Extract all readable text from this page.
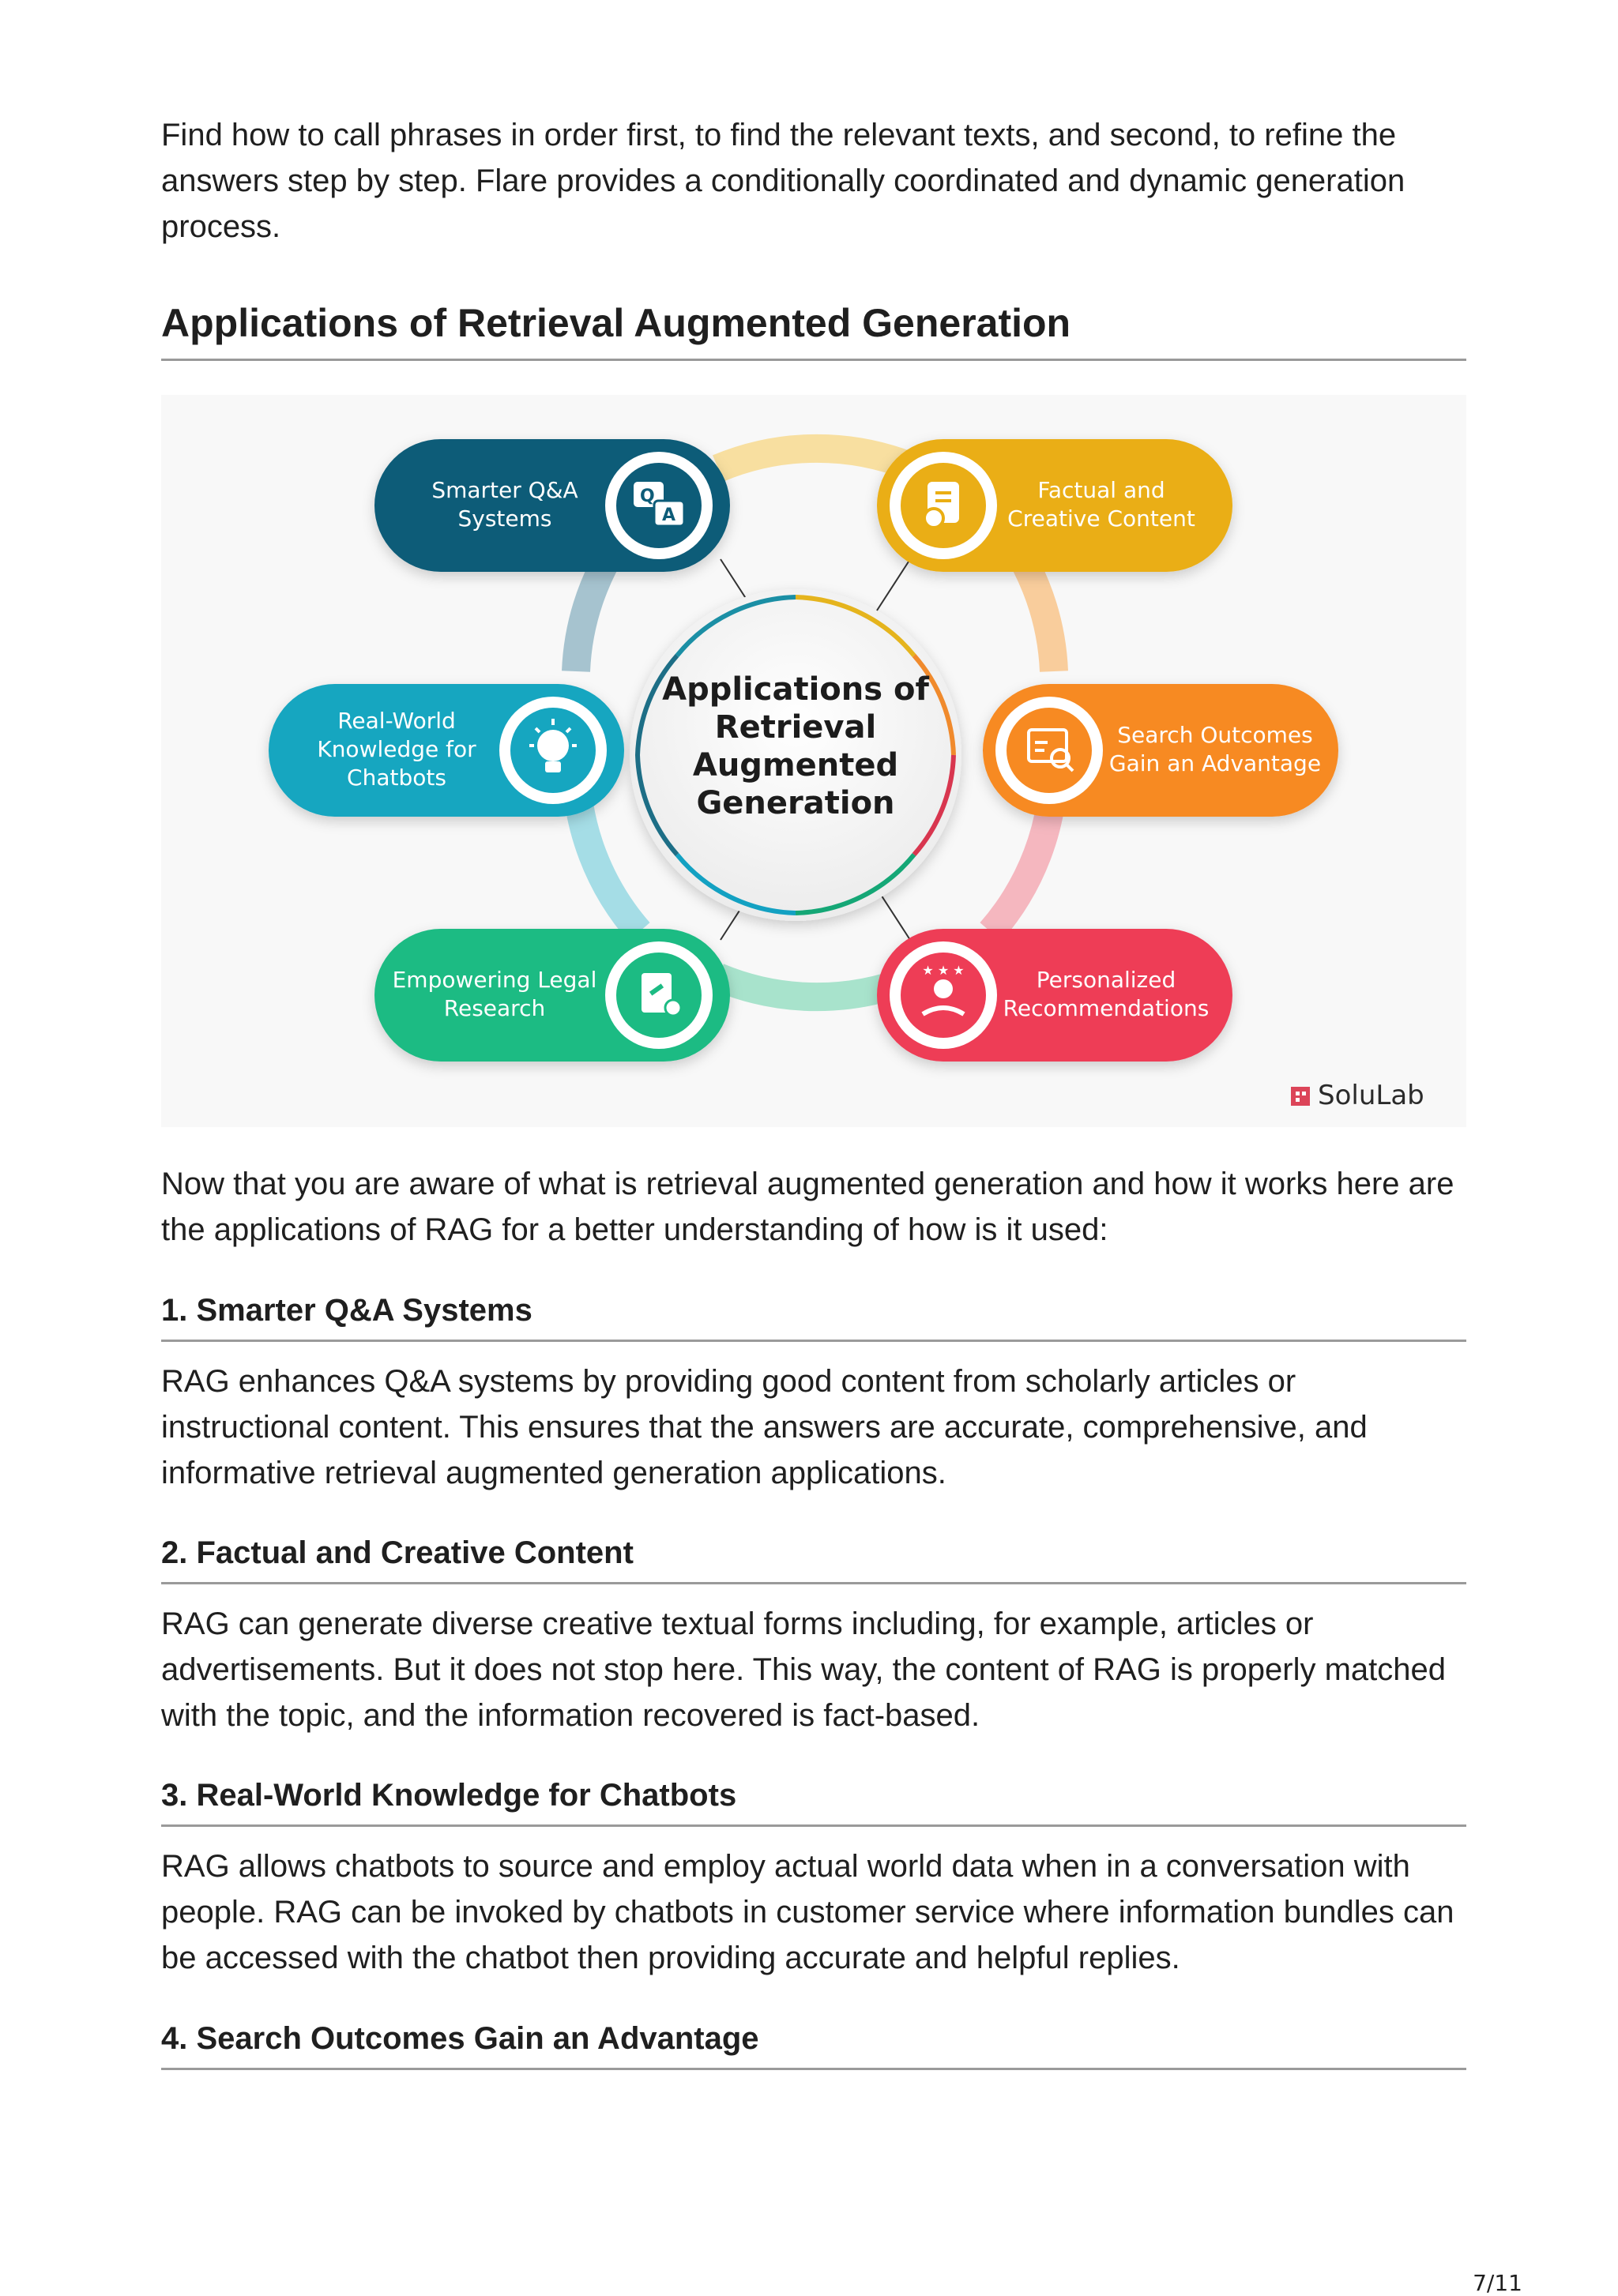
Find how to call phrases in order first, to find the relevant texts, and second, to refine the answers step by step. Flare provides a conditionally coordinated and dynamic generation process.

Applications of Retrieval Augmented Generation
Applications of
Retrieval
Augmented
Generation
Smarter Q&A
Systems
Q
A
Factual and
Creative Content
Real-World
Knowledge for
Chatbots
Search Outcomes
Gain an Advantage
Empowering Legal
Research
Personalized
Recommendations
★ ★ ★
SoluLab

Now that you are aware of what is retrieval augmented generation and how it works here are the applications of RAG for a better understanding of how is it used:

1. Smarter Q&A Systems

RAG enhances Q&A systems by providing good content from scholarly articles or instructional content. This ensures that the answers are accurate, comprehensive, and informative retrieval augmented generation applications.

2. Factual and Creative Content

RAG can generate diverse creative textual forms including, for example, articles or advertisements. But it does not stop here. This way, the content of RAG is properly matched with the topic, and the information recovered is fact-based.

3. Real-World Knowledge for Chatbots

RAG allows chatbots to source and employ actual world data when in a conversation with people. RAG can be invoked by chatbots in customer service where information bundles can be accessed with the chatbot then providing accurate and helpful replies.

4. Search Outcomes Gain an Advantage
7/11
